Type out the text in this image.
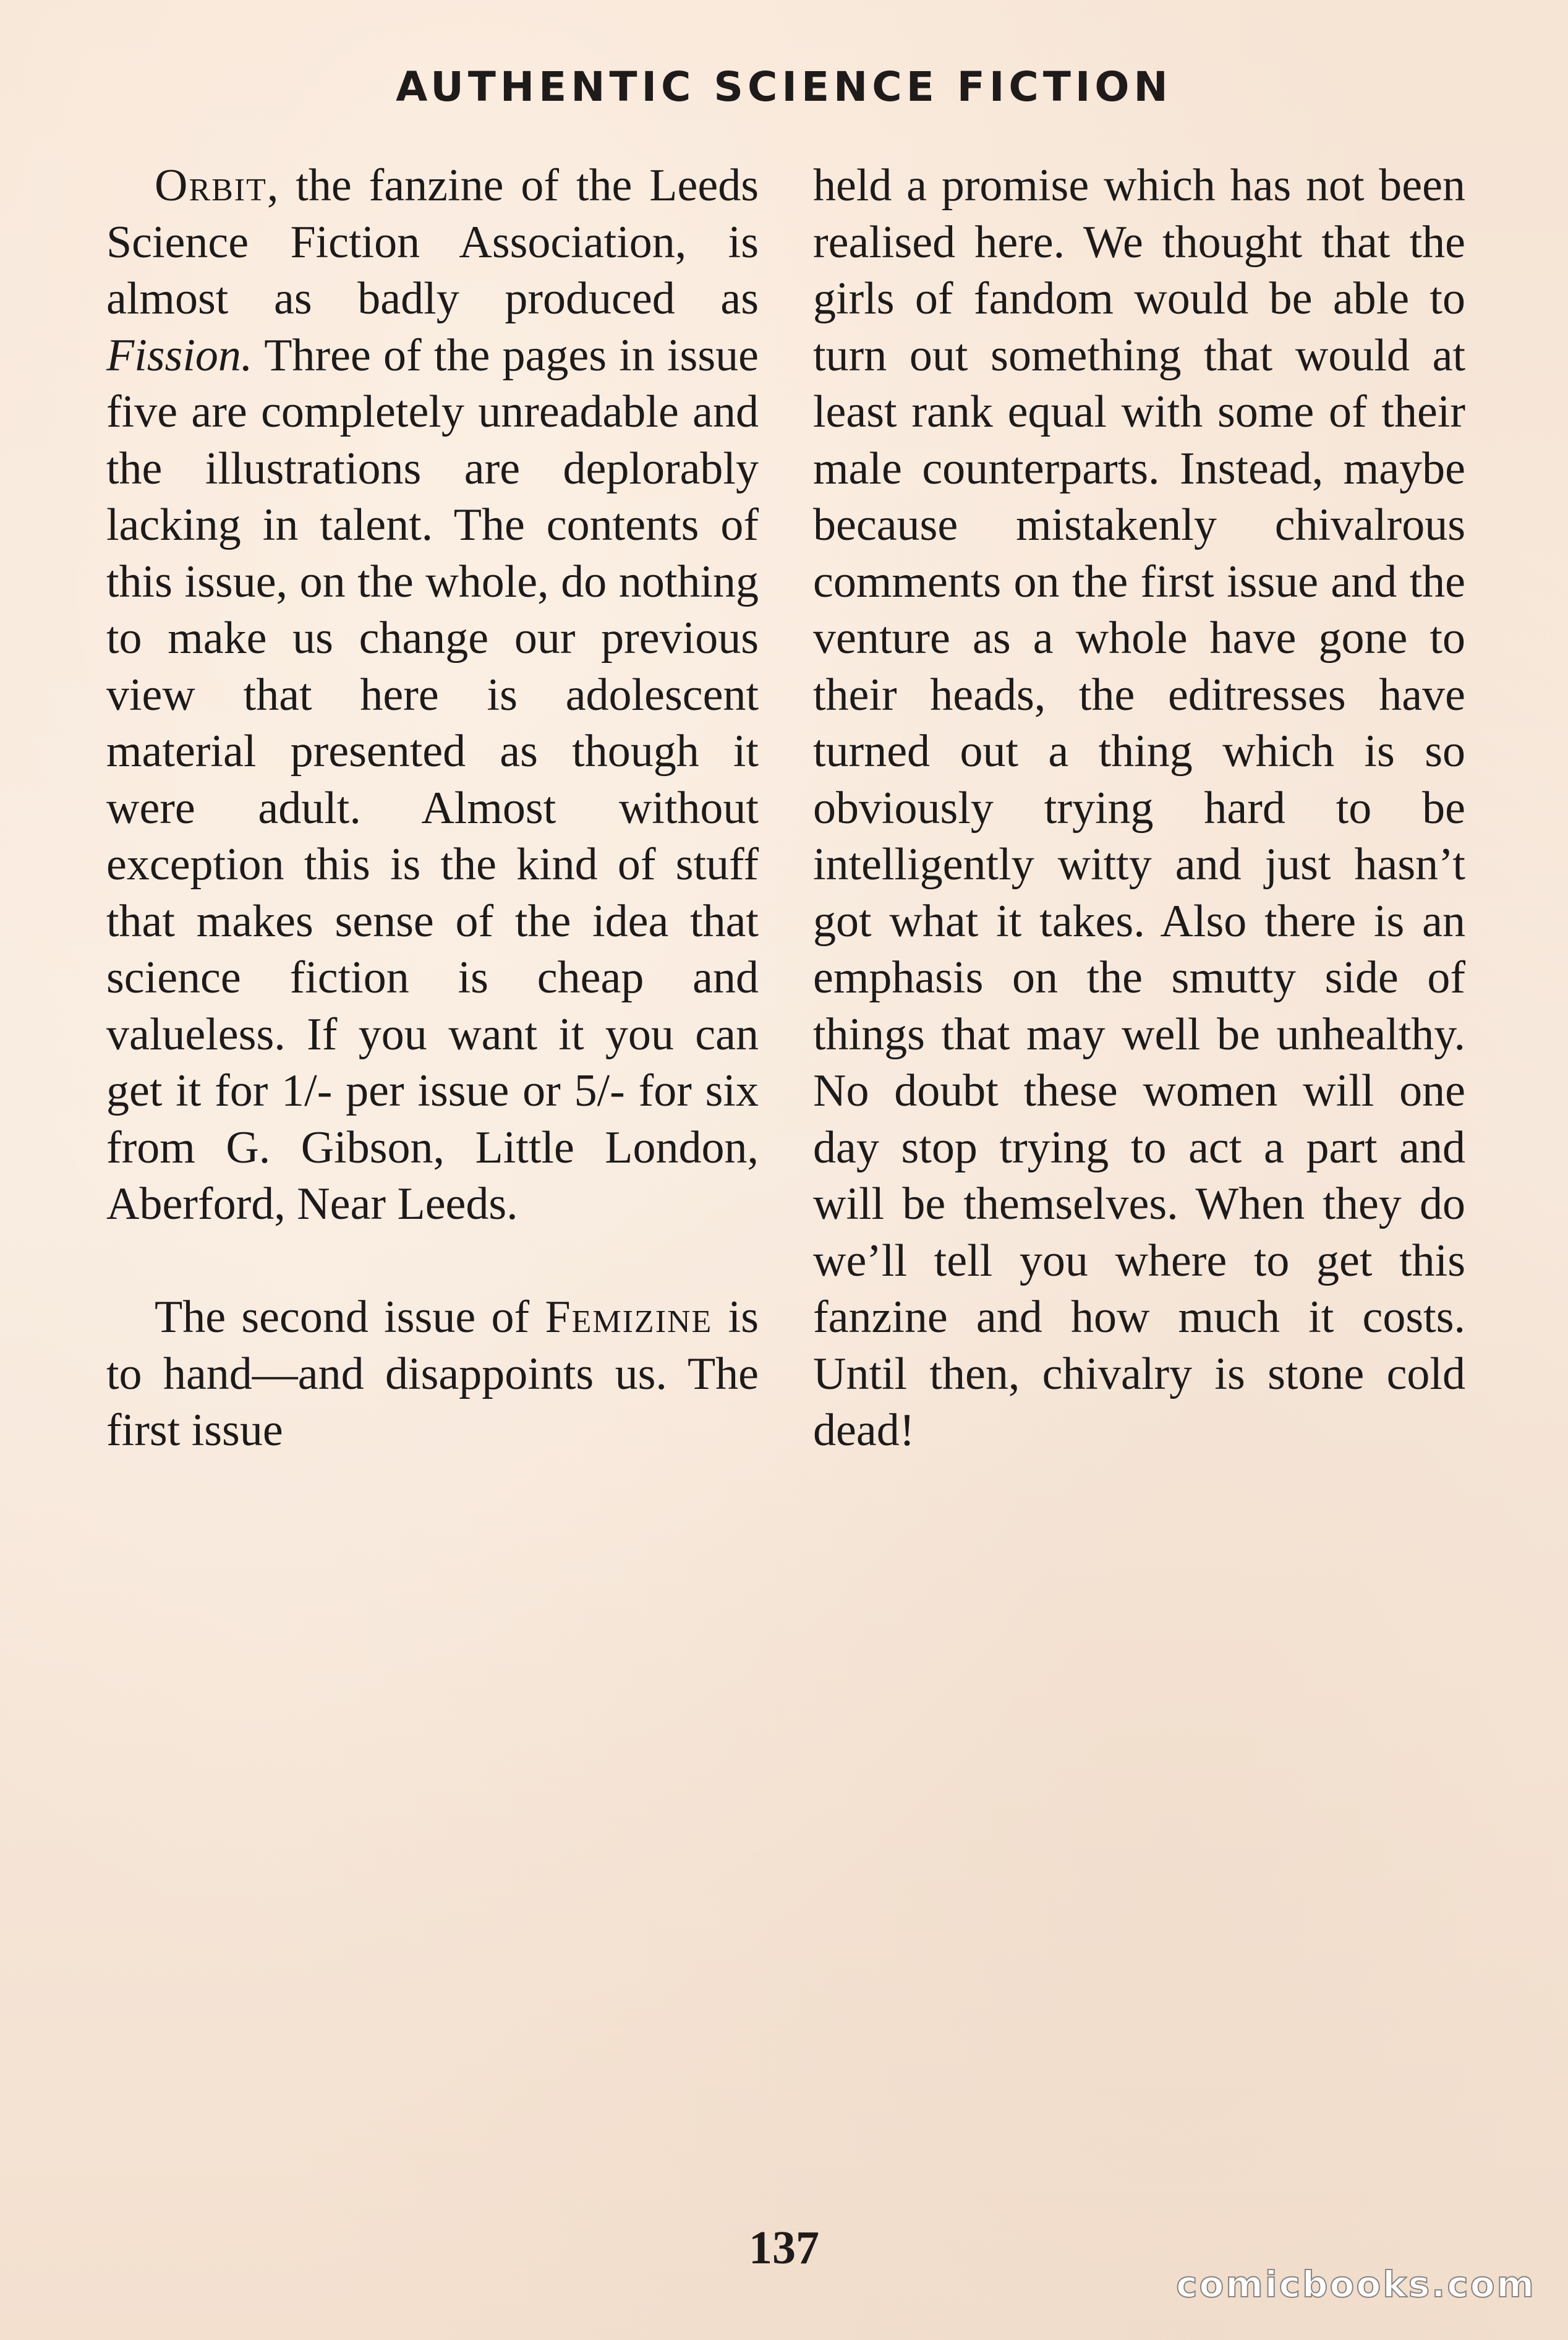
AUTHENTIC SCIENCE FICTION

Orbit, the fanzine of the Leeds Science Fiction Association, is almost as badly produced as Fission. Three of the pages in issue five are completely unreadable and the illustrations are deplorably lacking in talent. The contents of this issue, on the whole, do nothing to make us change our previous view that here is adolescent material presented as though it were adult. Almost without exception this is the kind of stuff that makes sense of the idea that science fiction is cheap and valueless. If you want it you can get it for 1/- per issue or 5/- for six from G. Gibson, Little London, Aberford, Near Leeds.

The second issue of Femizine is to hand—and disappoints us. The first issue

held a promise which has not been realised here. We thought that the girls of fandom would be able to turn out something that would at least rank equal with some of their male counterparts. Instead, maybe because mistakenly chivalrous comments on the first issue and the venture as a whole have gone to their heads, the editresses have turned out a thing which is so obviously trying hard to be intelligently witty and just hasn’t got what it takes. Also there is an emphasis on the smutty side of things that may well be unhealthy. No doubt these women will one day stop trying to act a part and will be themselves. When they do we’ll tell you where to get this fanzine and how much it costs. Until then, chivalry is stone cold dead!

137
comicbooks.com
